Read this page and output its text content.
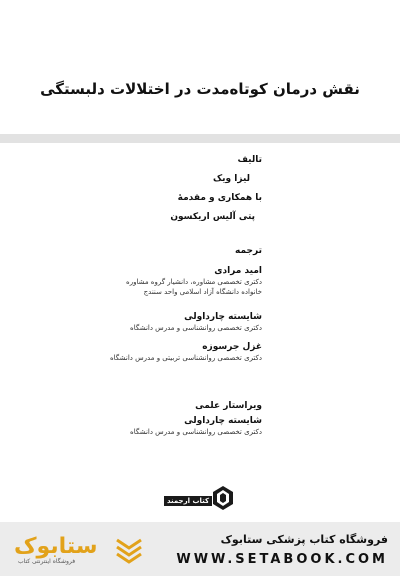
نقش درمان کوتاه‌مدت در اختلالات دلبستگی
تالیف
لیزا ویک
با همکاری و مقدمهٔ
پتی آلیس اریکسون
ترجمه
امید مرادی
دکتری تخصصی مشاوره، دانشیار گروه مشاوره
خانواده دانشگاه آزاد اسلامی واحد سنندج
شایسته چارداولی
دکتری تخصصی روانشناسی و مدرس دانشگاه
غزل جرسوزه
دکتری تخصصی روانشناسی تربیتی و مدرس دانشگاه
ویراستار علمی
شایسته چارداولی
دکتری تخصصی روانشناسی و مدرس دانشگاه
کتاب ارجمند
ستابوک
فروشگاه اینترنتی کتاب
فروشگاه کتاب پزشکی ستابوک
WWW.SETABOOK.COM
